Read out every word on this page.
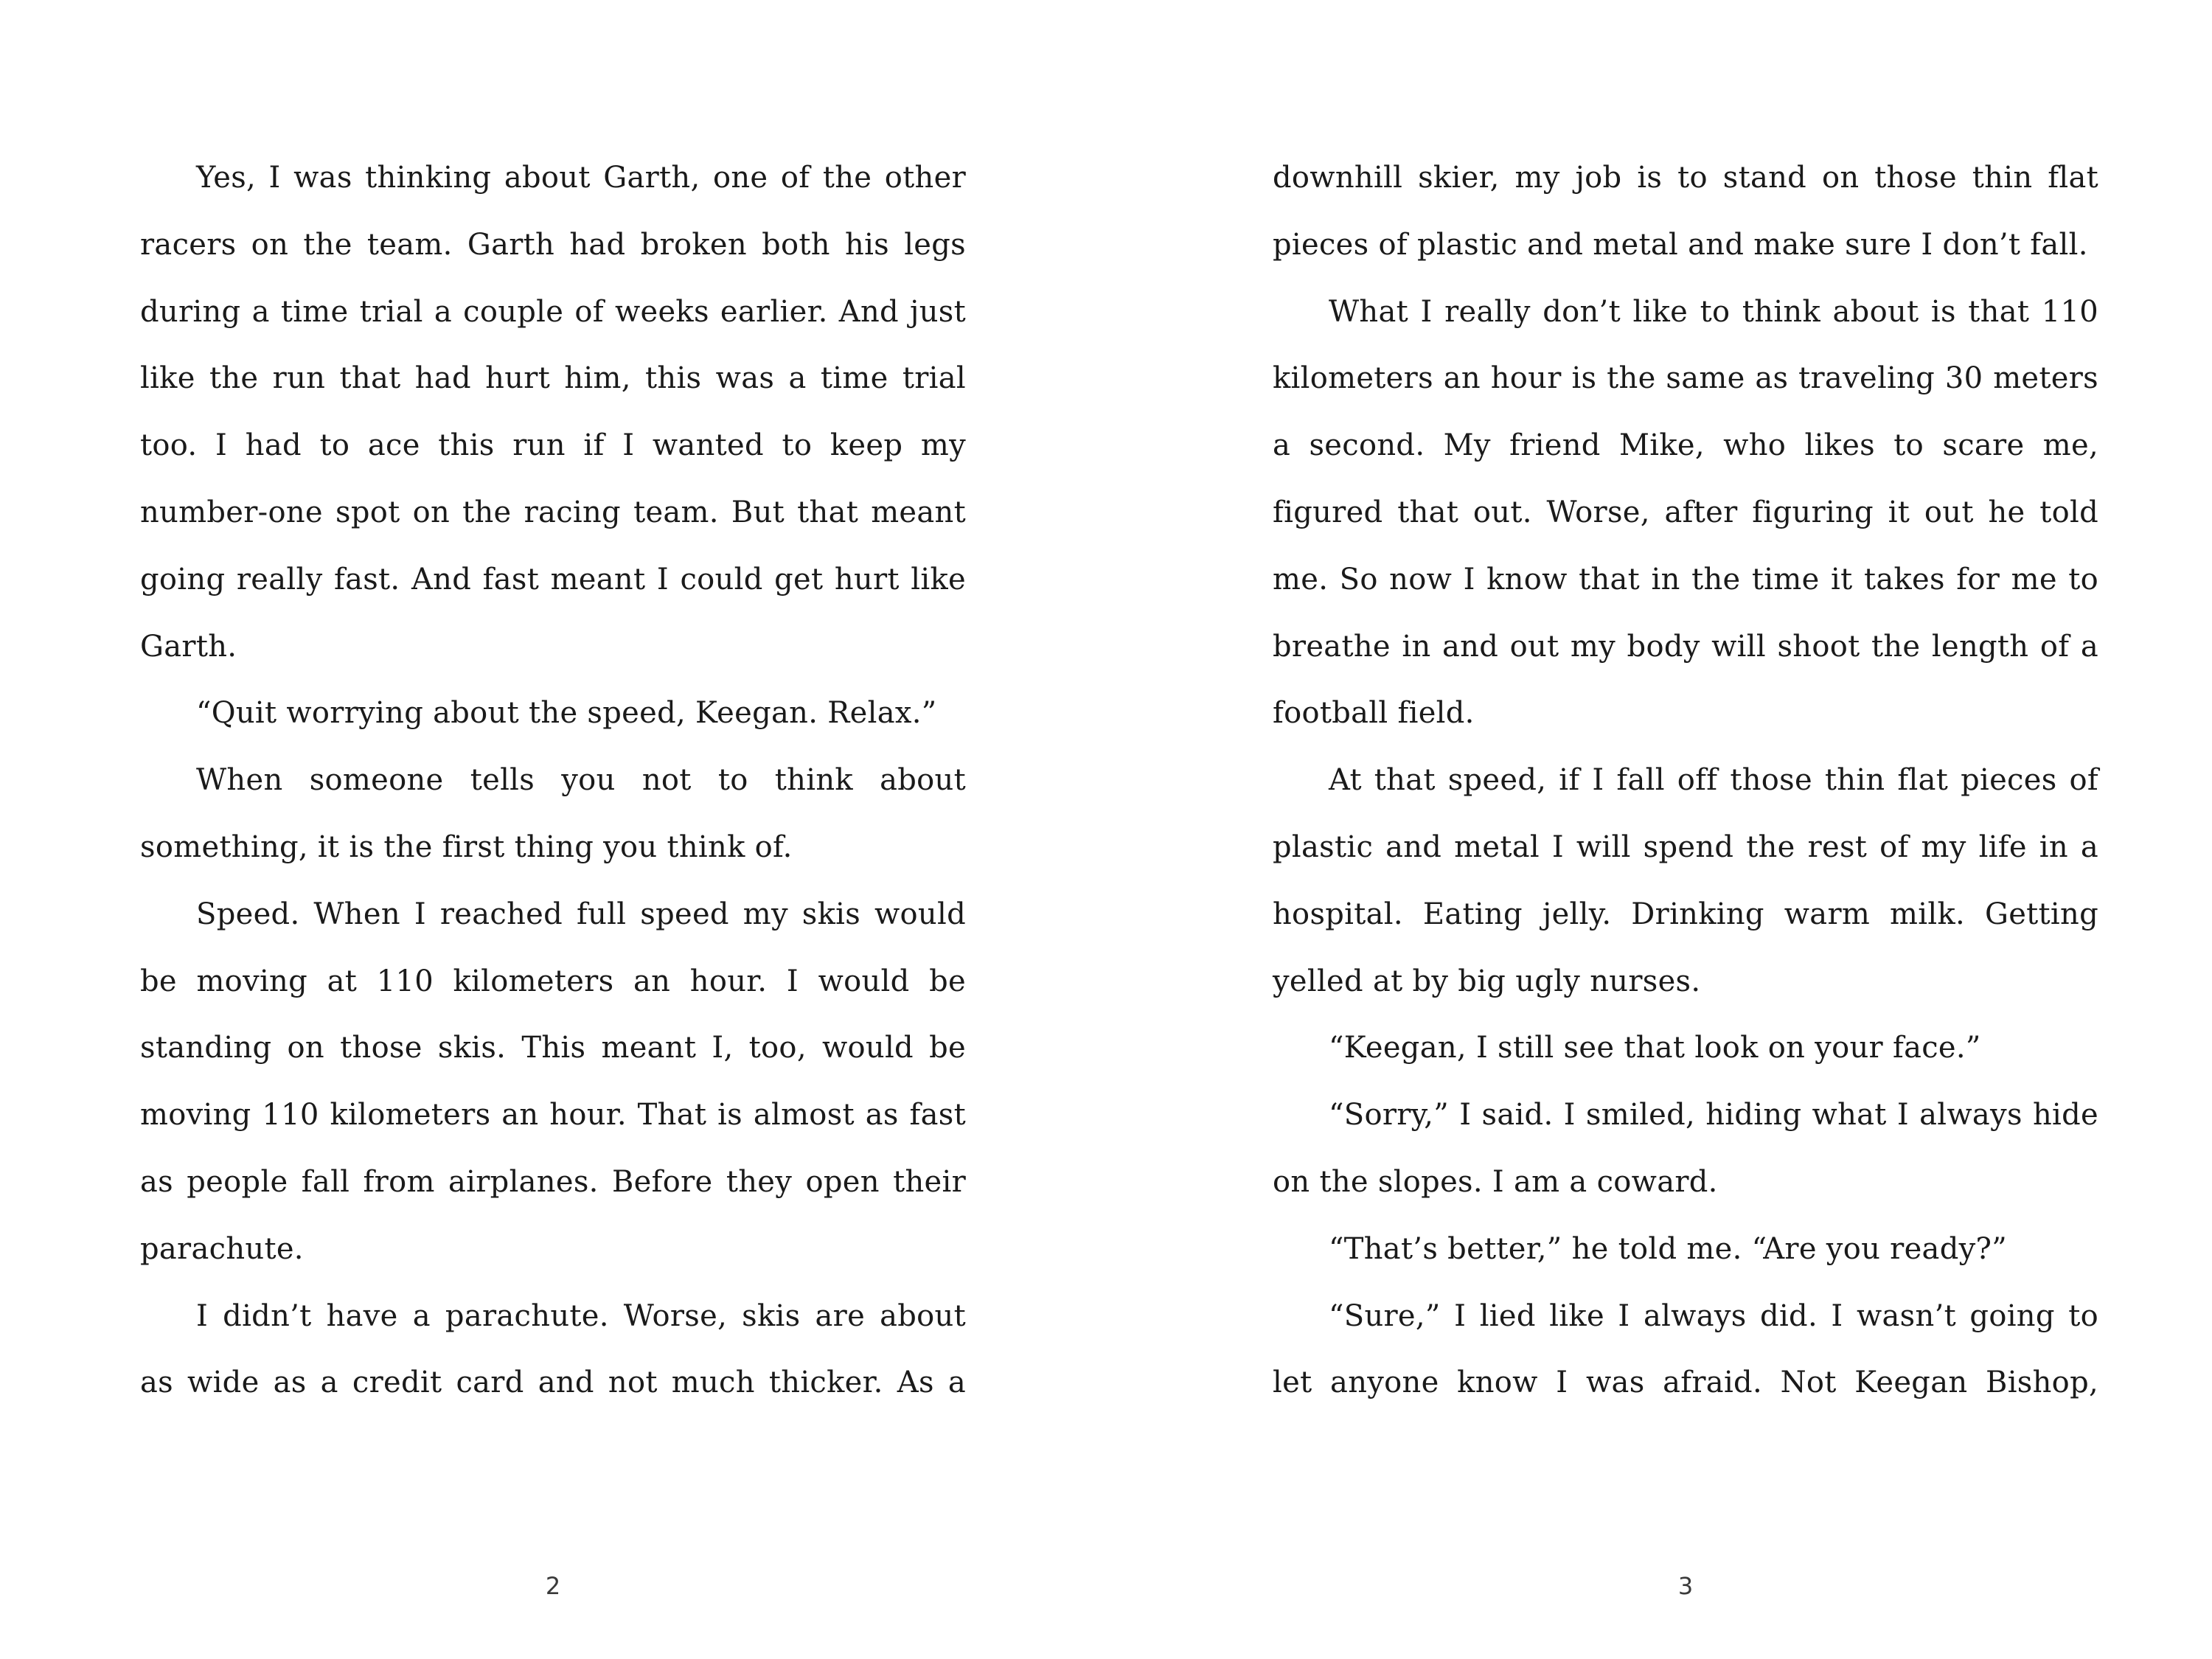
Yes, I was thinking about Garth, one of the other racers on the team. Garth had broken both his legs during a time trial a couple of weeks earlier. And just like the run that had hurt him, this was a time trial too. I had to ace this run if I wanted to keep my number-one spot on the racing team. But that meant going really fast. And fast meant I could get hurt like Garth.

“Quit worrying about the speed, Keegan. Relax.”

When someone tells you not to think about something, it is the first thing you think of.

Speed. When I reached full speed my skis would be moving at 110 kilometers an hour. I would be standing on those skis. This meant I, too, would be moving 110 kilometers an hour. That is almost as fast as people fall from airplanes. Before they open their parachute.

I didn’t have a parachute. Worse, skis are about as wide as a credit card and not much thicker. As a

2

downhill skier, my job is to stand on those thin flat pieces of plastic and metal and make sure I don’t fall.

What I really don’t like to think about is that 110 kilometers an hour is the same as traveling 30 meters a second. My friend Mike, who likes to scare me, figured that out. Worse, after figuring it out he told me. So now I know that in the time it takes for me to breathe in and out my body will shoot the length of a football field.

At that speed, if I fall off those thin flat pieces of plastic and metal I will spend the rest of my life in a hospital. Eating jelly. Drinking warm milk. Getting yelled at by big ugly nurses.

“Keegan, I still see that look on your face.”

“Sorry,” I said. I smiled, hiding what I always hide on the slopes. I am a coward.

“That’s better,” he told me. “Are you ready?”

“Sure,” I lied like I always did. I wasn’t going to let anyone know I was afraid. Not Keegan Bishop,

3
